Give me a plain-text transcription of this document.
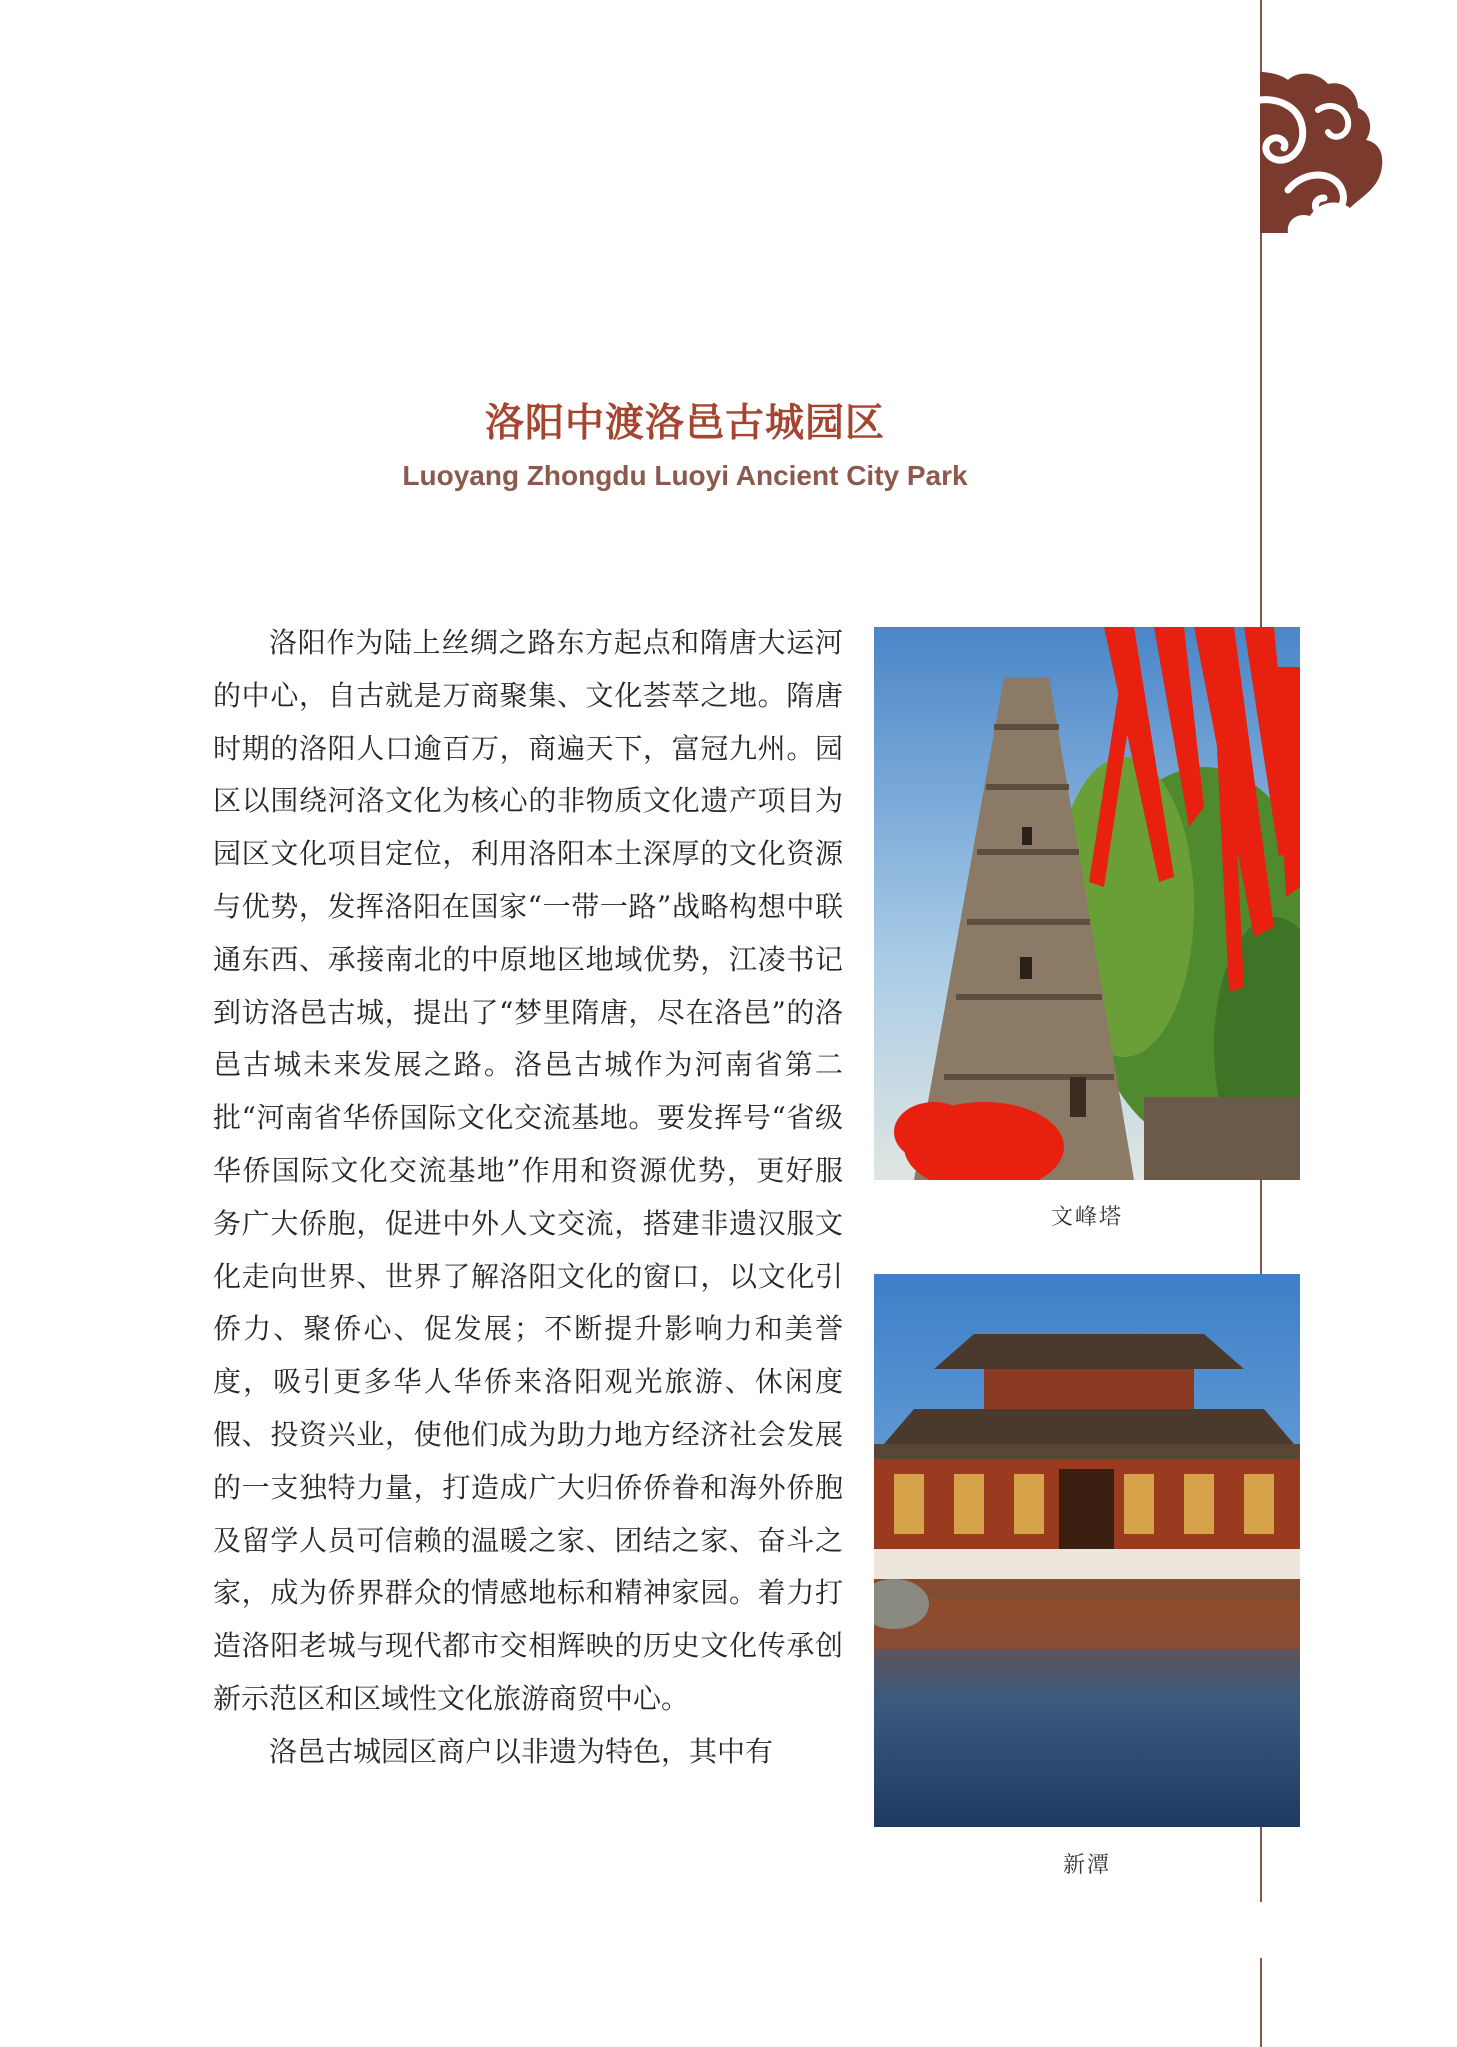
洛阳中渡洛邑古城园区
Luoyang Zhongdu Luoyi Ancient City Park

洛阳作为陆上丝绸之路东方起点和隋唐大运河的中心，自古就是万商聚集、文化荟萃之地。隋唐时期的洛阳人口逾百万，商遍天下，富冠九州。园区以围绕河洛文化为核心的非物质文化遗产项目为园区文化项目定位，利用洛阳本土深厚的文化资源与优势，发挥洛阳在国家“一带一路”战略构想中联通东西、承接南北的中原地区地域优势，江凌书记到访洛邑古城，提出了“梦里隋唐，尽在洛邑”的洛邑古城未来发展之路。洛邑古城作为河南省第二批“河南省华侨国际文化交流基地。要发挥号“省级华侨国际文化交流基地”作用和资源优势，更好服务广大侨胞，促进中外人文交流，搭建非遗汉服文化走向世界、世界了解洛阳文化的窗口，以文化引侨力、聚侨心、促发展；不断提升影响力和美誉度，吸引更多华人华侨来洛阳观光旅游、休闲度假、投资兴业，使他们成为助力地方经济社会发展的一支独特力量，打造成广大归侨侨眷和海外侨胞及留学人员可信赖的温暖之家、团结之家、奋斗之家，成为侨界群众的情感地标和精神家园。着力打造洛阳老城与现代都市交相辉映的历史文化传承创新示范区和区域性文化旅游商贸中心。

洛邑古城园区商户以非遗为特色，其中有

文峰塔
新潭
